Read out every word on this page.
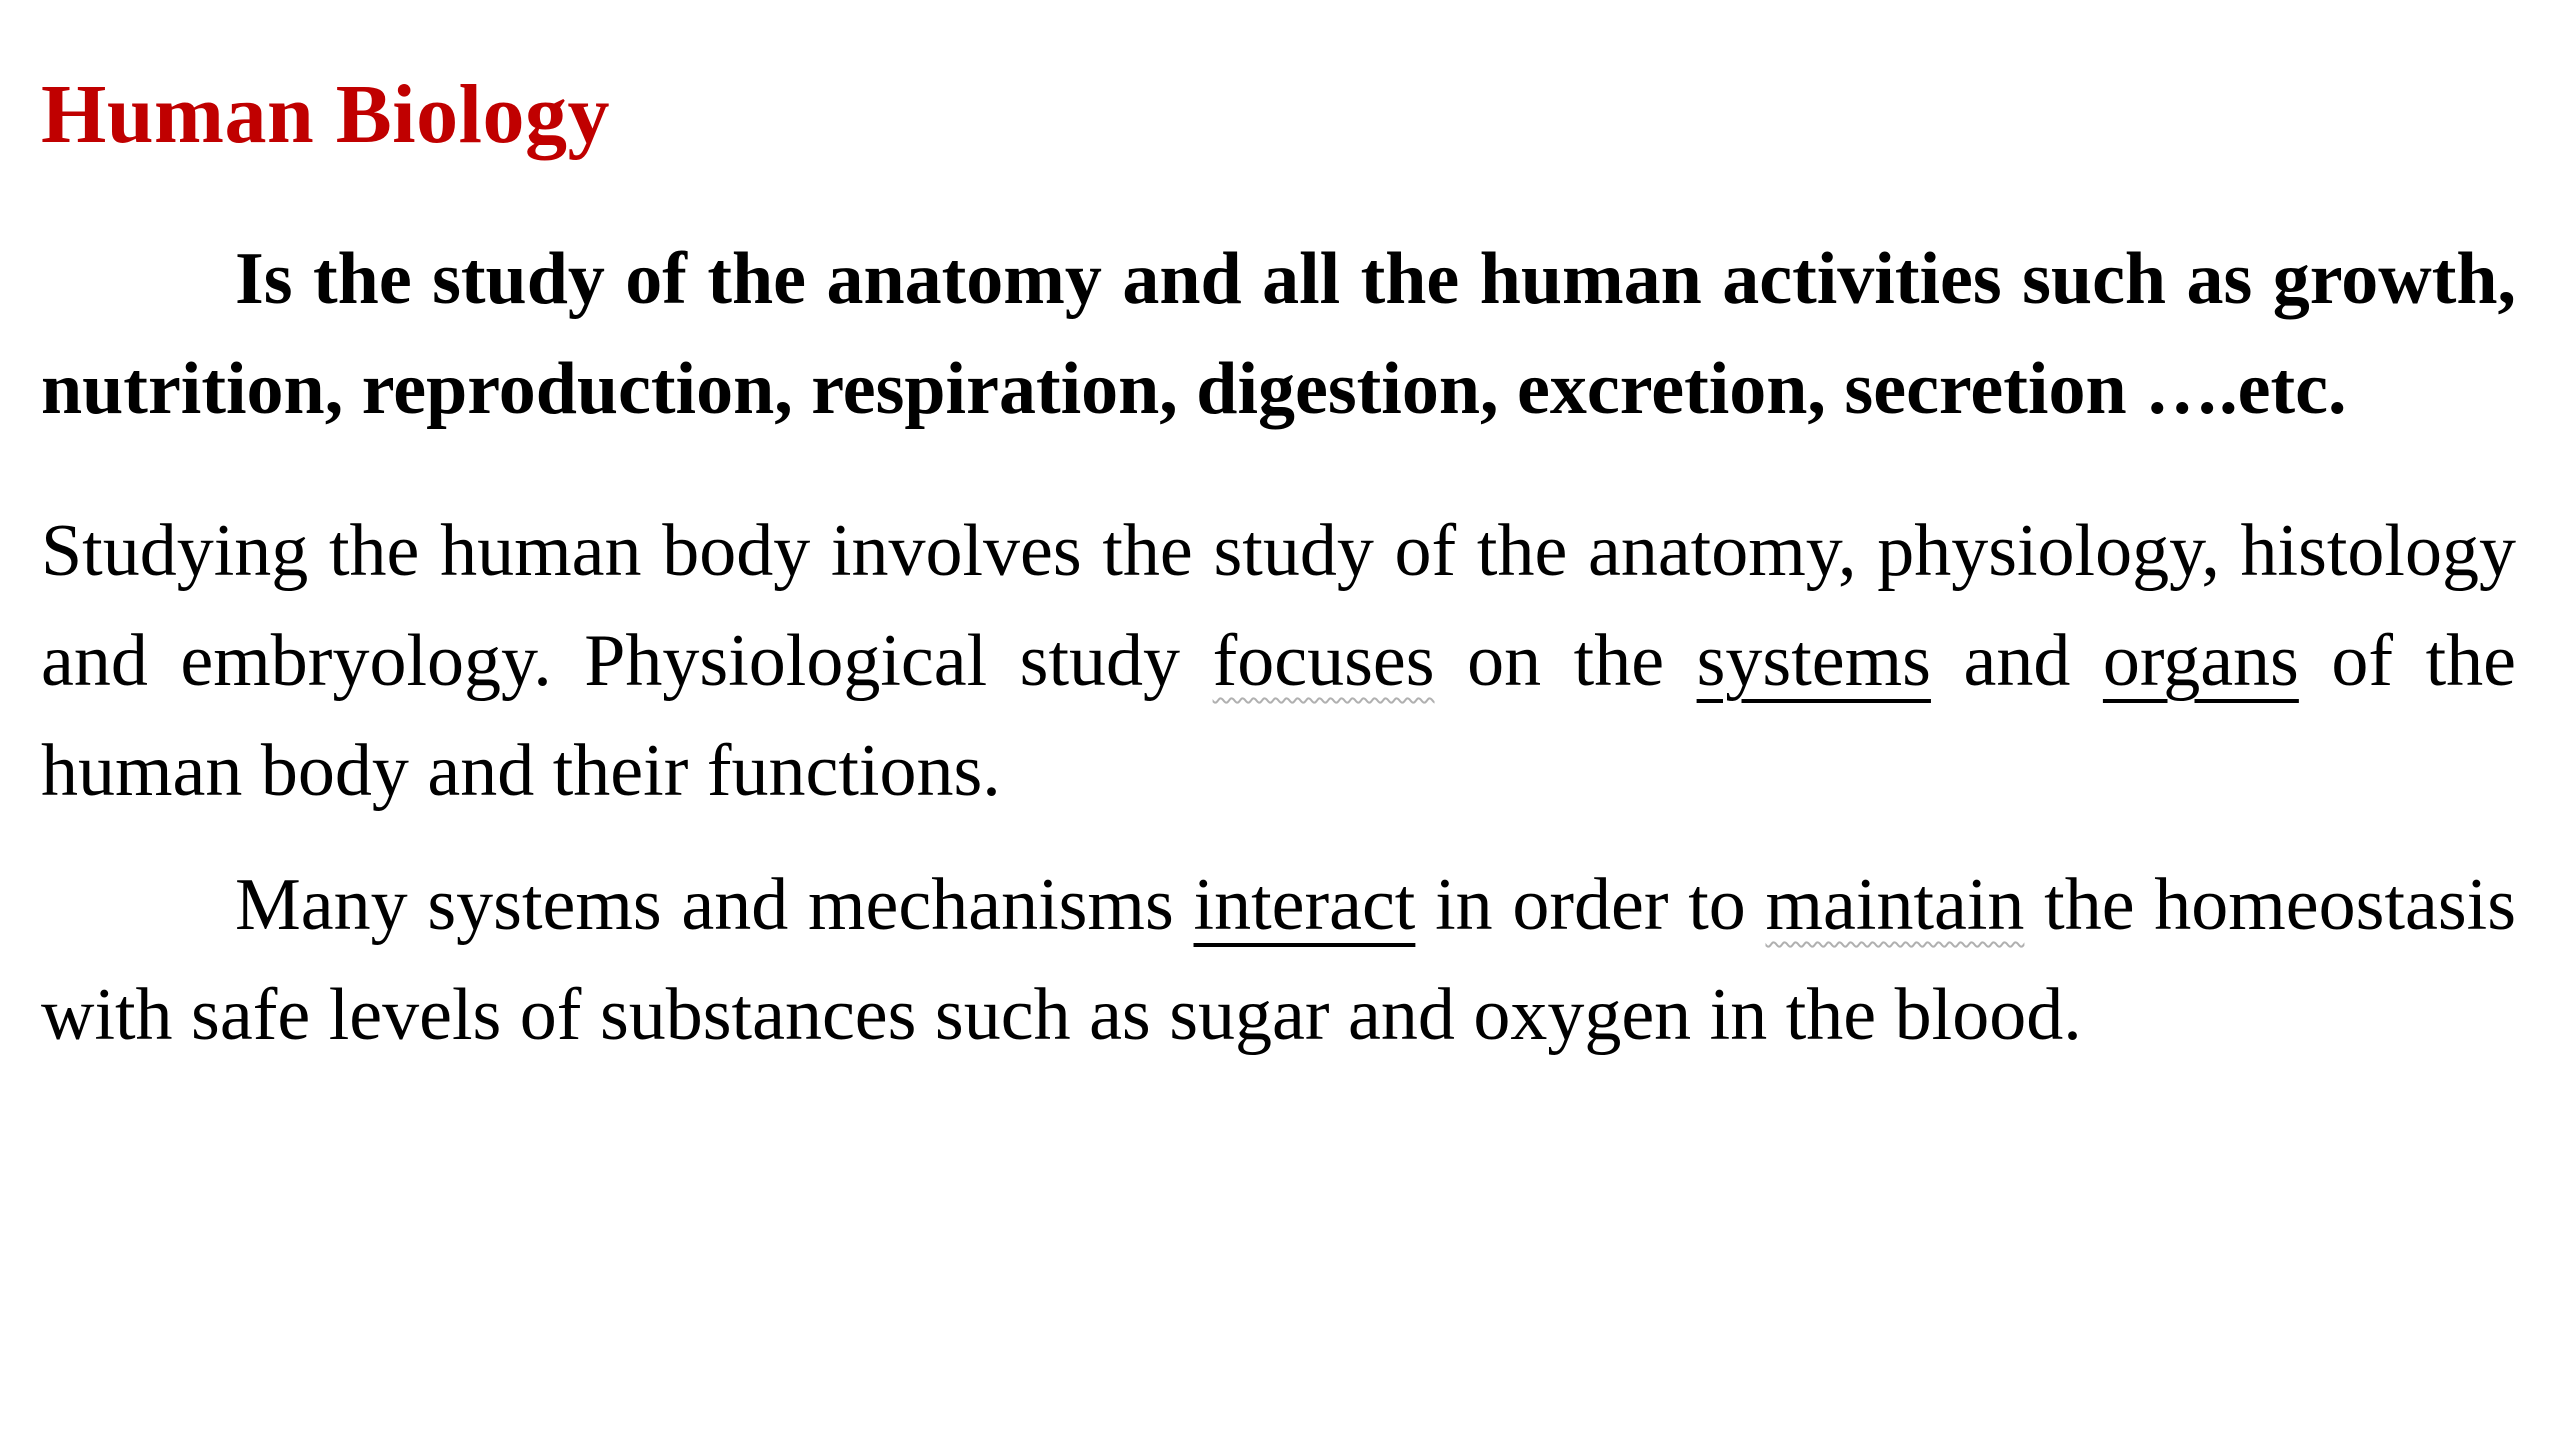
Human Biology

Is the study of the anatomy and all the human activities such as growth, nutrition, reproduction, respiration, digestion, excretion, secretion ….etc.

Studying the human body involves the study of the anatomy, physiology, histology and embryology. Physiological study focuses on the systems and organs of the human body and their functions.

Many systems and mechanisms interact in order to maintain the homeostasis with safe levels of substances such as sugar and oxygen in the blood.
